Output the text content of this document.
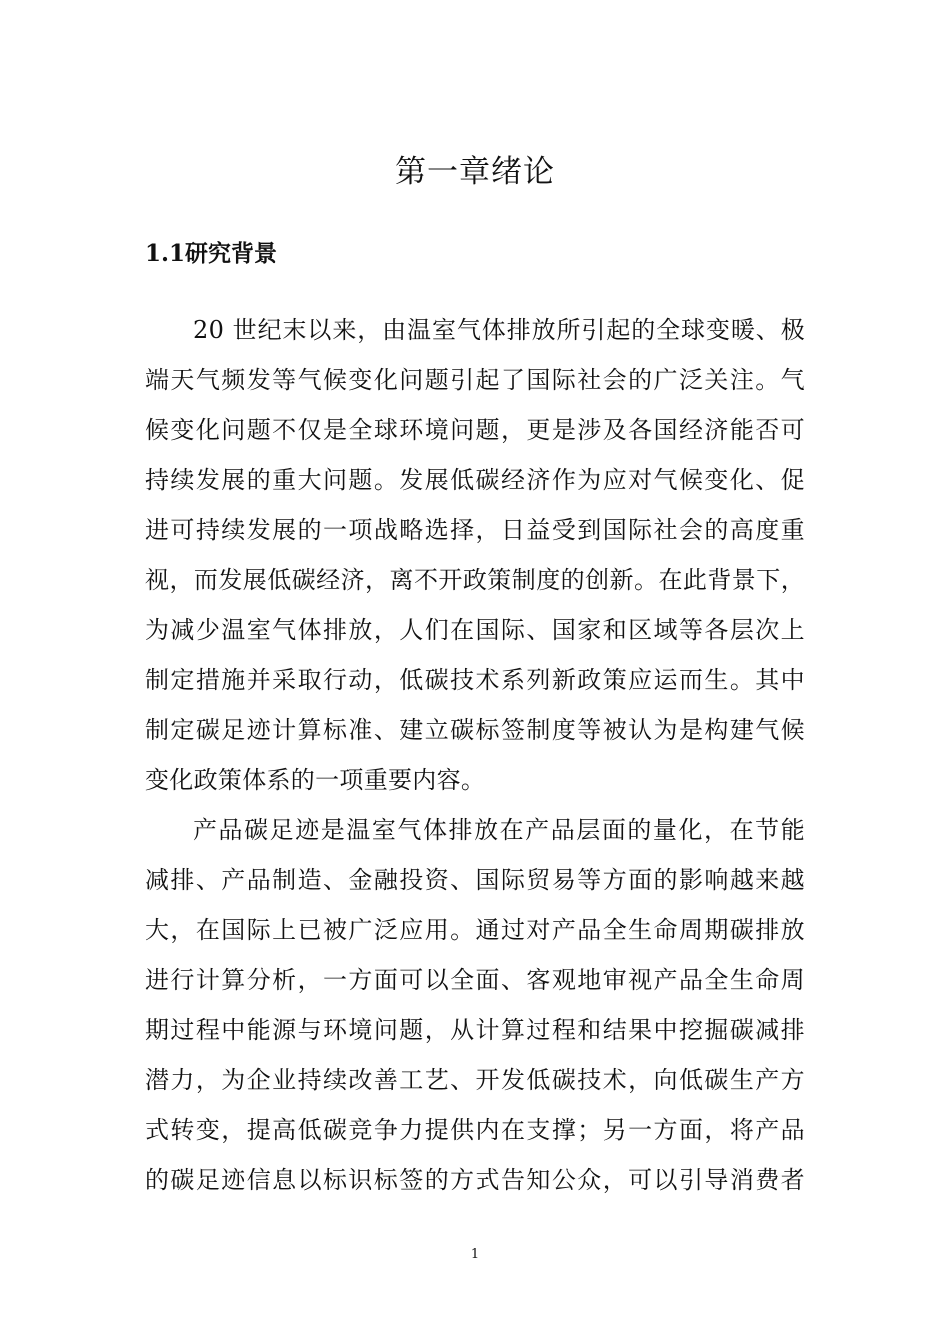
第一章绪论
1.1研究背景
20 世纪末以来，由温室气体排放所引起的全球变暖、极
端天气频发等气候变化问题引起了国际社会的广泛关注。气
候变化问题不仅是全球环境问题，更是涉及各国经济能否可
持续发展的重大问题。发展低碳经济作为应对气候变化、促
进可持续发展的一项战略选择，日益受到国际社会的高度重
视，而发展低碳经济，离不开政策制度的创新。在此背景下，
为减少温室气体排放，人们在国际、国家和区域等各层次上
制定措施并采取行动，低碳技术系列新政策应运而生。其中
制定碳足迹计算标准、建立碳标签制度等被认为是构建气候
变化政策体系的一项重要内容。
产品碳足迹是温室气体排放在产品层面的量化，在节能
减排、产品制造、金融投资、国际贸易等方面的影响越来越
大，在国际上已被广泛应用。通过对产品全生命周期碳排放
进行计算分析，一方面可以全面、客观地审视产品全生命周
期过程中能源与环境问题，从计算过程和结果中挖掘碳减排
潜力，为企业持续改善工艺、开发低碳技术，向低碳生产方
式转变，提高低碳竞争力提供内在支撑；另一方面，将产品
的碳足迹信息以标识标签的方式告知公众，可以引导消费者
1
